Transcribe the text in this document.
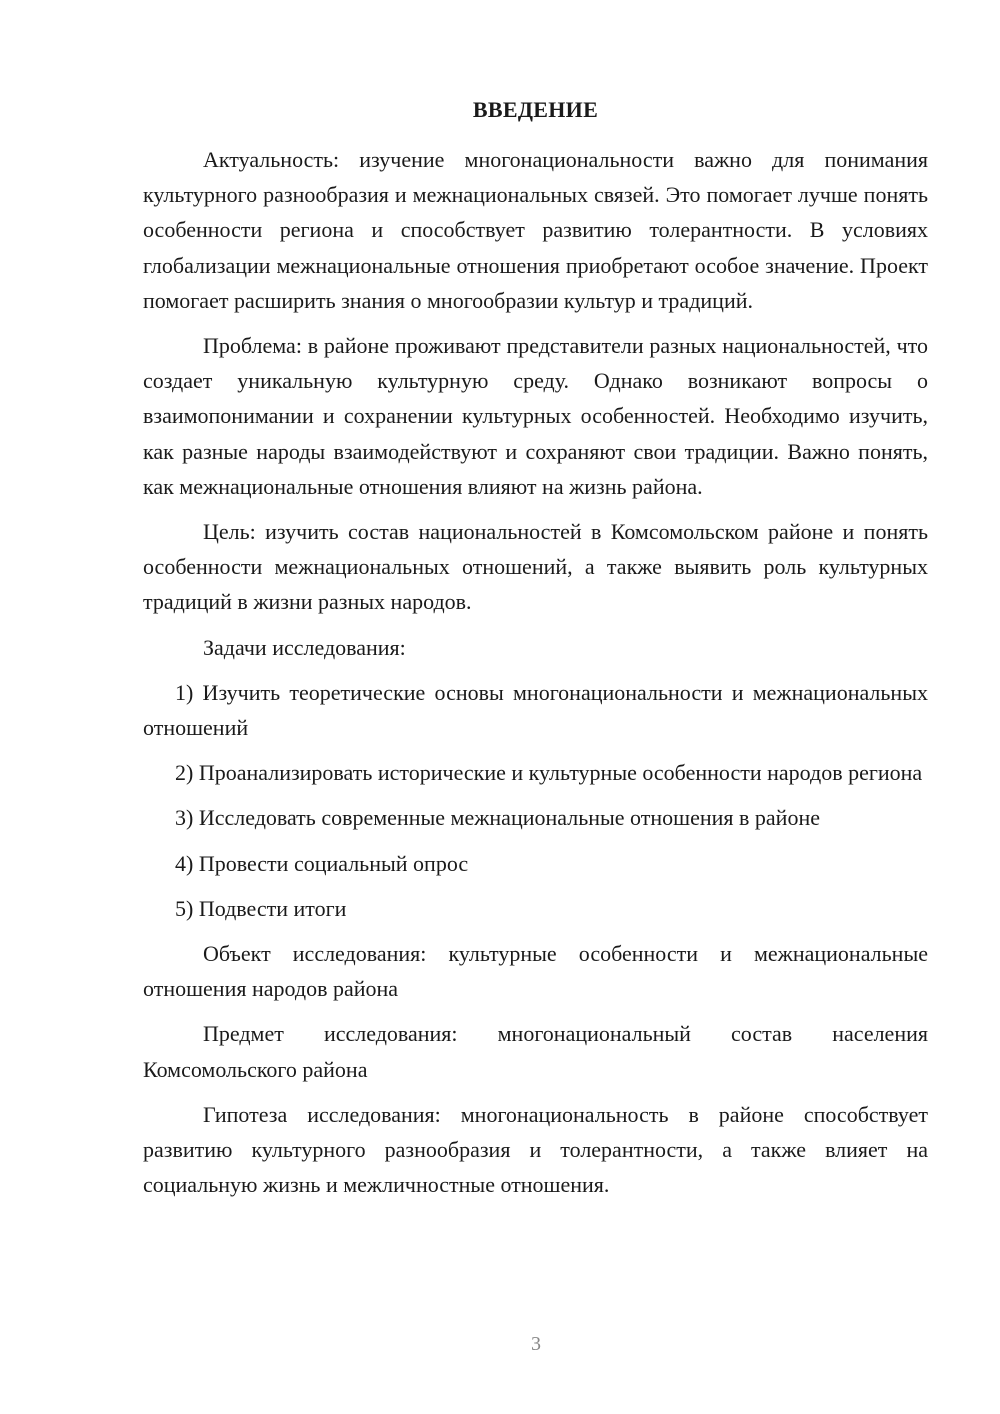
ВВЕДЕНИЕ

Актуальность: изучение многонациональности важно для понимания культурного разнообразия и межнациональных связей. Это помогает лучше понять особенности региона и способствует развитию толерантности. В условиях глобализации межнациональные отношения приобретают особое значение. Проект помогает расширить знания о многообразии культур и традиций.

Проблема: в районе проживают представители разных национальностей, что создает уникальную культурную среду. Однако возникают вопросы о взаимопонимании и сохранении культурных особенностей. Необходимо изучить, как разные народы взаимодействуют и сохраняют свои традиции. Важно понять, как межнациональные отношения влияют на жизнь района.

Цель: изучить состав национальностей в Комсомольском районе и понять особенности межнациональных отношений, а также выявить роль культурных традиций в жизни разных народов.

Задачи исследования:

1) Изучить теоретические основы многонациональности и межнациональных отношений

2) Проанализировать исторические и культурные особенности народов региона

3) Исследовать современные межнациональные отношения в районе

4) Провести социальный опрос

5) Подвести итоги

Объект исследования: культурные особенности и межнациональные отношения народов района

Предмет исследования: многонациональный состав населения Комсомольского района

Гипотеза исследования: многонациональность в районе способствует развитию культурного разнообразия и толерантности, а также влияет на социальную жизнь и межличностные отношения.

3
